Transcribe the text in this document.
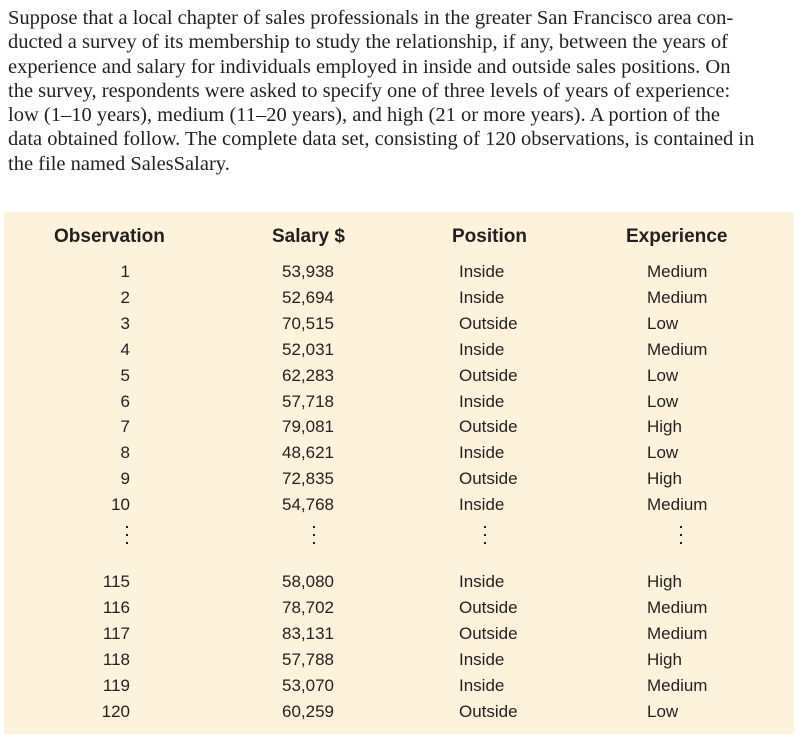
Suppose that a local chapter of sales professionals in the greater San Francisco area con-
ducted a survey of its membership to study the relationship, if any, between the years of
experience and salary for individuals employed in inside and outside sales positions. On
the survey, respondents were asked to specify one of three levels of years of experience:
low (1–10 years), medium (11–20 years), and high (21 or more years). A portion of the
data obtained follow. The complete data set, consisting of 120 observations, is contained in
the file named SalesSalary.

Observation	Salary $	Position	Experience
1	53,938	Inside	Medium
2	52,694	Inside	Medium
3	70,515	Outside	Low
4	52,031	Inside	Medium
5	62,283	Outside	Low
6	57,718	Inside	Low
7	79,081	Outside	High
8	48,621	Inside	Low
9	72,835	Outside	High
10	54,768	Inside	Medium
115	58,080	Inside	High
116	78,702	Outside	Medium
117	83,131	Outside	Medium
118	57,788	Inside	High
119	53,070	Inside	Medium
120	60,259	Outside	Low
